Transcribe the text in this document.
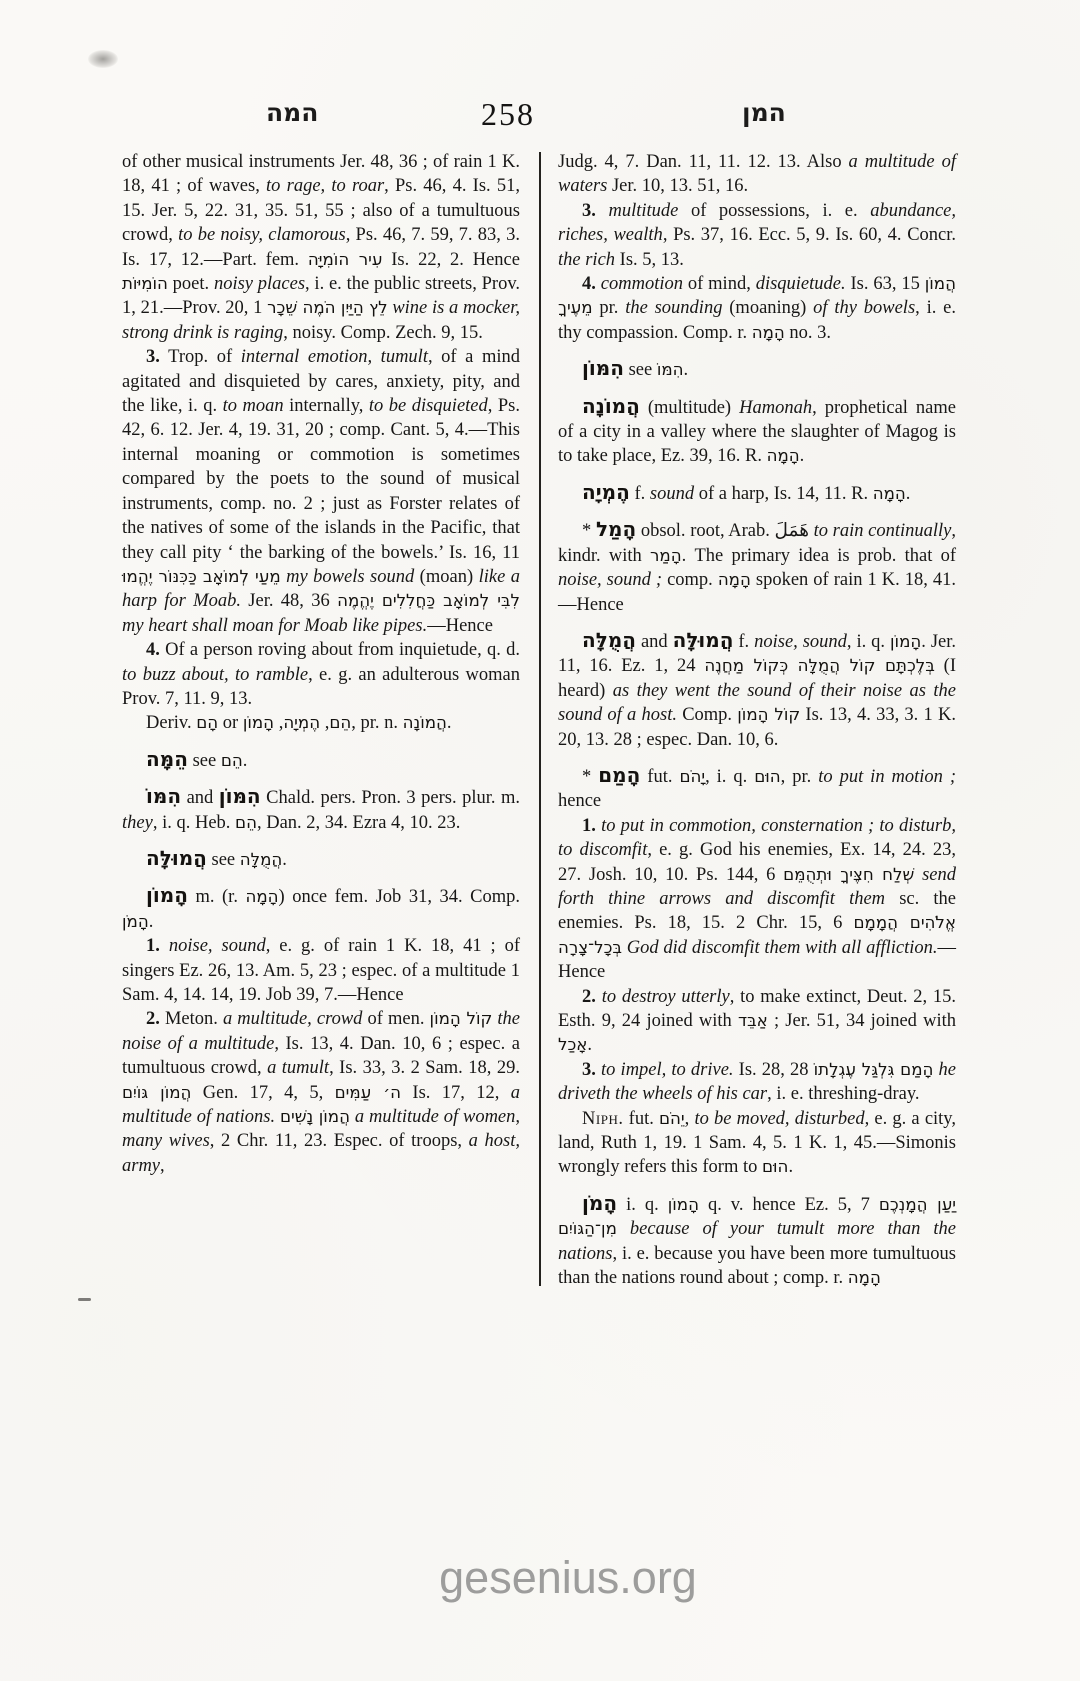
המה	258	המן
of other musical instruments Jer. 48, 36 ; of rain 1 K. 18, 41 ; of waves, to rage, to roar, Ps. 46, 4. Is. 51, 15. Jer. 5, 22. 31, 35. 51, 55 ; also of a tumultuous crowd, to be noisy, clamorous, Ps. 46, 7. 59, 7. 83, 3. Is. 17, 12.—Part. fem. עִיר הוֹמִיָּה Is. 22, 2. Hence הוֹמִיּוֹת poet. noisy places, i. e. the public streets, Prov. 1, 21.—Prov. 20, 1 לֵץ הַיַּיִן הֹמֶה שֵׁכָר wine is a mocker, strong drink is raging, noisy. Comp. Zech. 9, 15.
3. Trop. of internal emotion, tumult, of a mind agitated and disquieted by cares, anxiety, pity, and the like, i. q. to moan internally, to be disquieted, Ps. 42, 6. 12. Jer. 4, 19. 31, 20 ; comp. Cant. 5, 4.—This internal moaning or commotion is sometimes compared by the poets to the sound of musical instruments, comp. no. 2 ; just as Forster relates of the natives of some of the islands in the Pacific, that they call pity ‘ the barking of the bowels.’ Is. 16, 11 מֵעַי לְמוֹאָב כַּכִּנּוֹר יֶהֱמוּ my bowels sound (moan) like a harp for Moab. Jer. 48, 36 לִבִּי לְמוֹאָב כַּחֲלִלִים יֶהֱמֶה my heart shall moan for Moab like pipes.—Hence
4. Of a person roving about from inquietude, q. d. to buzz about, to ramble, e. g. an adulterous woman Prov. 7, 11. 9, 13.
Deriv. הָם or	הֵם, הֶמְיָה, הָמוֹן	, pr. n. הֲמוֹנָה.
הֵמָּה see הֵם.
הִמּוֹ and הִמּוֹן Chald. pers. Pron. 3 pers. plur. m. they, i. q. Heb. הֵם, Dan. 2, 34. Ezra 4, 10. 23.
הֲמוּלָּה see הֲמֻלָּה.
הָמוֹן m. (r. הָמָה) once fem. Job 31, 34. Comp. הָמֹן.
1. noise, sound, e. g. of rain 1 K. 18, 41 ; of singers Ez. 26, 13. Am. 5, 23 ; espec. of a multitude 1 Sam. 4, 14. 14, 19. Job 39, 7.—Hence
2. Meton. a multitude, crowd of men. קוֹל הָמוֹן the noise of a multitude, Is. 13, 4. Dan. 10, 6 ; espec. a tumultuous crowd, a tumult, Is. 33, 3. 2 Sam. 18, 29. הֲמוֹן גּוֹיִם Gen. 17, 4, 5, ה׳ עַמִּים Is. 17, 12, a multitude of nations. הֲמוֹן נָשִׁים a multitude of women, many wives, 2 Chr. 11, 23. Espec. of troops, a host, army,
Judg. 4, 7. Dan. 11, 11. 12. 13. Also a multitude of waters Jer. 10, 13. 51, 16.
3. multitude of possessions, i. e. abundance, riches, wealth, Ps. 37, 16. Ecc. 5, 9. Is. 60, 4. Concr. the rich Is. 5, 13.
4. commotion of mind, disquietude. Is. 63, 15 הֲמוֹן מֵעֶיךָ pr. the sounding (moaning) of thy bowels, i. e. thy compassion. Comp. r. הָמָה no. 3.
הִמּוֹן see הִמּוֹ.
הֲמוֹנָה (multitude) Hamonah, prophetical name of a city in a valley where the slaughter of Magog is to take place, Ez. 39, 16. R. הָמָה.
הֶמְיָה f. sound of a harp, Is. 14, 11. R. הָמָה.
* הָמַל obsol. root, Arab. هَمَلَ to rain continually, kindr. with הָמַר. The primary idea is prob. that of noise, sound ; comp. הָמָה spoken of rain 1 K. 18, 41.—Hence
הֲמֻלָּה and הֲמוּלָּה f. noise, sound, i. q. הָמוֹן. Jer. 11, 16. Ez. 1, 24 בְּלֶכְתָּם קוֹל הֲמֻלָּה כְּקוֹל מַחֲנֶה (I heard) as they went the sound of their noise as the sound of a host. Comp. קוֹל הָמוֹן Is. 13, 4. 33, 3. 1 K. 20, 13. 28 ; espec. Dan. 10, 6.
* הָמַם fut. יָהֹם, i. q. הוּם, pr. to put in motion ; hence
1. to put in commotion, consternation ; to disturb, to discomfit, e. g. God his enemies, Ex. 14, 24. 23, 27. Josh. 10, 10. Ps. 144, 6 שְׁלַח חִצֶּיךָ וּתְהֻמֵּם send forth thine arrows and discomfit them sc. the enemies. Ps. 18, 15. 2 Chr. 15, 6 אֱלֹהִים הֲמָמָם בְּכָל־צָרָה God did discomfit them with all affliction.—Hence
2. to destroy utterly, to make extinct, Deut. 2, 15. Esth. 9, 24 joined with אַבֵּד ; Jer. 51, 34 joined with אָכַל.
3. to impel, to drive. Is. 28, 28 הָמַם גִּלְגַּל עֶגְלָתוֹ he driveth the wheels of his car, i. e. threshing-dray.
Niph. fut. יֵהֹם, to be moved, disturbed, e. g. a city, land, Ruth 1, 19. 1 Sam. 4, 5. 1 K. 1, 45.—Simonis wrongly refers this form to הוּם.
הָמֹן i. q. הָמוֹן q. v. hence Ez. 5, 7 יַעַן הֲמָנְכֶם מִן־הַגּוֹיִם because of your tumult more than the nations, i. e. because you have been more tumultuous than the nations round about ; comp. r. הָמָה
gesenius.org
